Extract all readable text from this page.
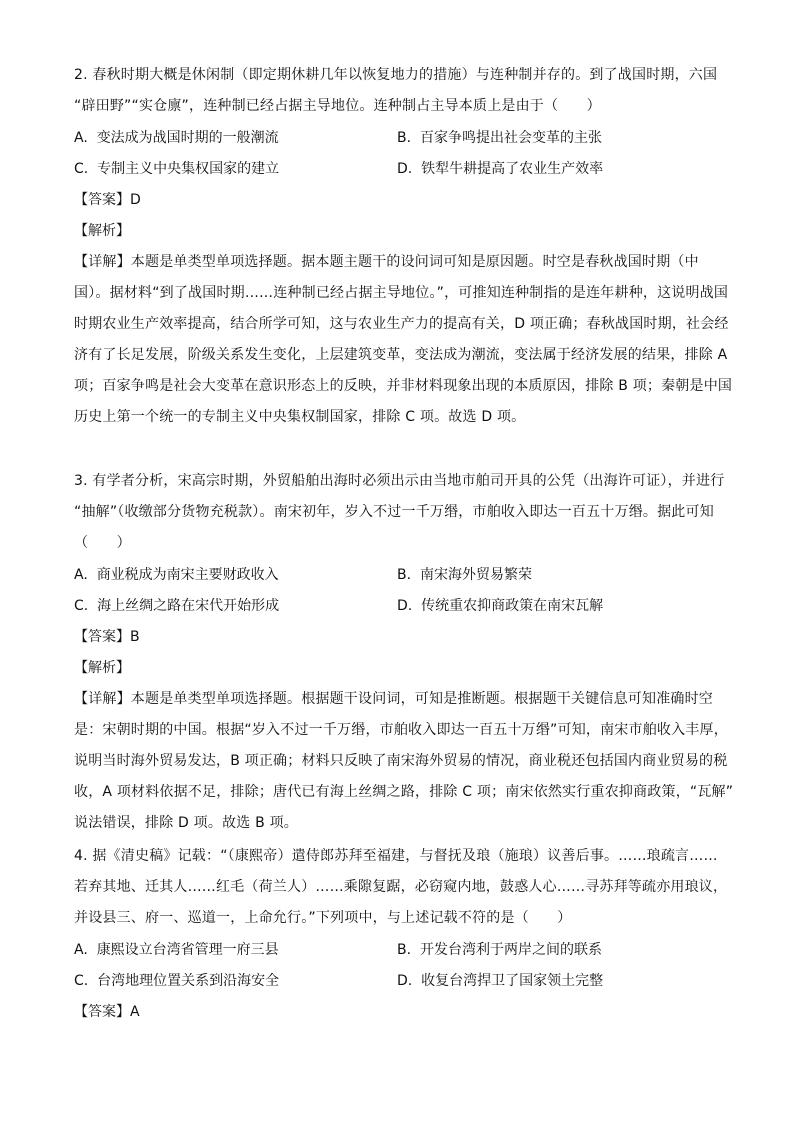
2. 春秋时期大概是休闲制（即定期休耕几年以恢复地力的措施）与连种制并存的。到了战国时期，六国
“辟田野”“实仓廪”，连种制已经占据主导地位。连种制占主导本质上是由于（　　）
A. 变法成为战国时期的一般潮流	B. 百家争鸣提出社会变革的主张
C. 专制主义中央集权国家的建立	D. 铁犁牛耕提高了农业生产效率
【答案】D
【解析】
【详解】本题是单类型单项选择题。据本题主题干的设问词可知是原因题。时空是春秋战国时期（中
国）。据材料“到了战国时期……连种制已经占据主导地位。”，可推知连种制指的是连年耕种，这说明战国
时期农业生产效率提高，结合所学可知，这与农业生产力的提高有关，D 项正确；春秋战国时期，社会经
济有了长足发展，阶级关系发生变化，上层建筑变革，变法成为潮流，变法属于经济发展的结果，排除 A
项；百家争鸣是社会大变革在意识形态上的反映，并非材料现象出现的本质原因，排除 B 项；秦朝是中国
历史上第一个统一的专制主义中央集权制国家，排除 C 项。故选 D 项。
3. 有学者分析，宋高宗时期，外贸船舶出海时必须出示由当地市舶司开具的公凭（出海许可证），并进行
“抽解”（收缴部分货物充税款）。南宋初年，岁入不过一千万缗，市舶收入即达一百五十万缗。据此可知
（　　）
A. 商业税成为南宋主要财政收入	B. 南宋海外贸易繁荣
C. 海上丝绸之路在宋代开始形成	D. 传统重农抑商政策在南宋瓦解
【答案】B
【解析】
【详解】本题是单类型单项选择题。根据题干设问词，可知是推断题。根据题干关键信息可知准确时空
是：宋朝时期的中国。根据“岁入不过一千万缗，市舶收入即达一百五十万缗”可知，南宋市舶收入丰厚，
说明当时海外贸易发达，B 项正确；材料只反映了南宋海外贸易的情况，商业税还包括国内商业贸易的税
收，A 项材料依据不足，排除；唐代已有海上丝绸之路，排除 C 项；南宋依然实行重农抑商政策，“瓦解”
说法错误，排除 D 项。故选 B 项。
4. 据《清史稿》记载：“（康熙帝）遣侍郎苏拜至福建，与督抚及琅（施琅）议善后事。……琅疏言……
若弃其地、迁其人……红毛（荷兰人）……乘隙复踞，必窃窥内地，鼓惑人心……寻苏拜等疏亦用琅议，
并设县三、府一、巡道一，上命允行。”下列项中，与上述记载不符的是（　　）
A. 康熙设立台湾省管理一府三县	B. 开发台湾利于两岸之间的联系
C. 台湾地理位置关系到沿海安全	D. 收复台湾捍卫了国家领土完整
【答案】A
